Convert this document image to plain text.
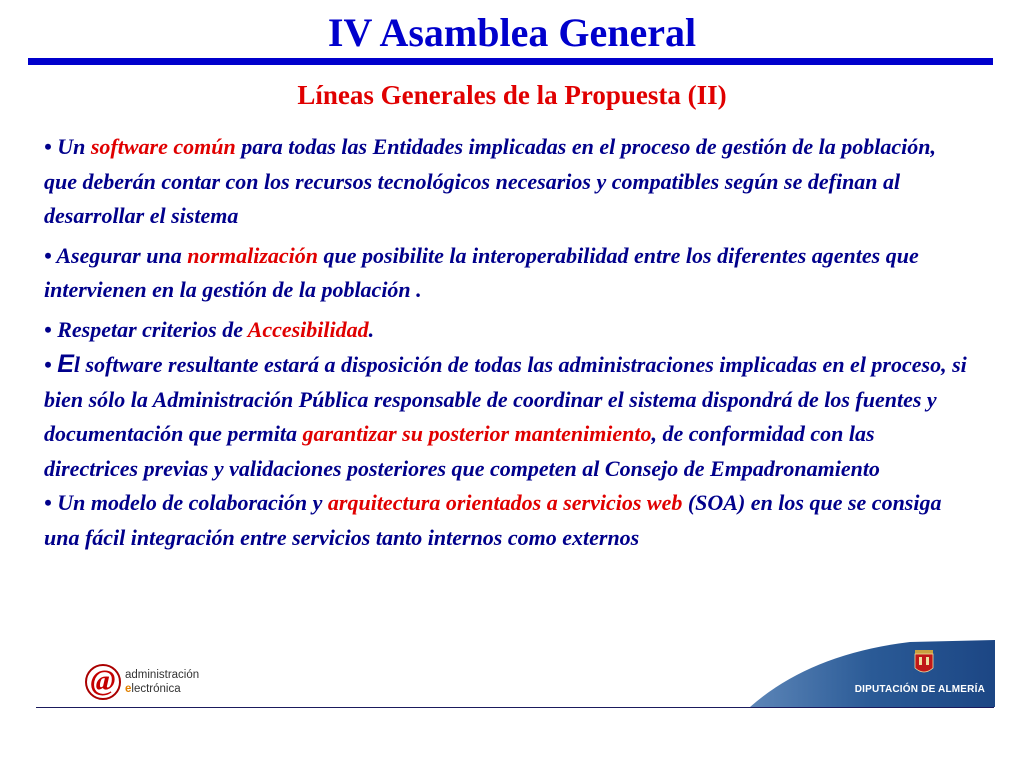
IV Asamblea General
Líneas Generales de la Propuesta (II)
• Un software común para todas las Entidades implicadas en el proceso de gestión de la población, que deberán contar con los recursos tecnológicos necesarios y compatibles según se definan al desarrollar el sistema
• Asegurar una normalización que posibilite la interoperabilidad entre los diferentes agentes que intervienen en la gestión de la población .
• Respetar criterios de Accesibilidad.
• El software resultante estará a disposición de todas las administraciones implicadas en el proceso, si bien sólo la Administración Pública responsable de coordinar el sistema dispondrá de los fuentes y documentación que permita garantizar su posterior mantenimiento, de conformidad con las directrices previas y validaciones posteriores que competen al Consejo de Empadronamiento
• Un modelo de colaboración y arquitectura orientados a servicios web (SOA) en los que se consiga una fácil integración entre servicios tanto internos como externos
@ administración
electrónica	DIPUTACIÓN DE ALMERÍA
